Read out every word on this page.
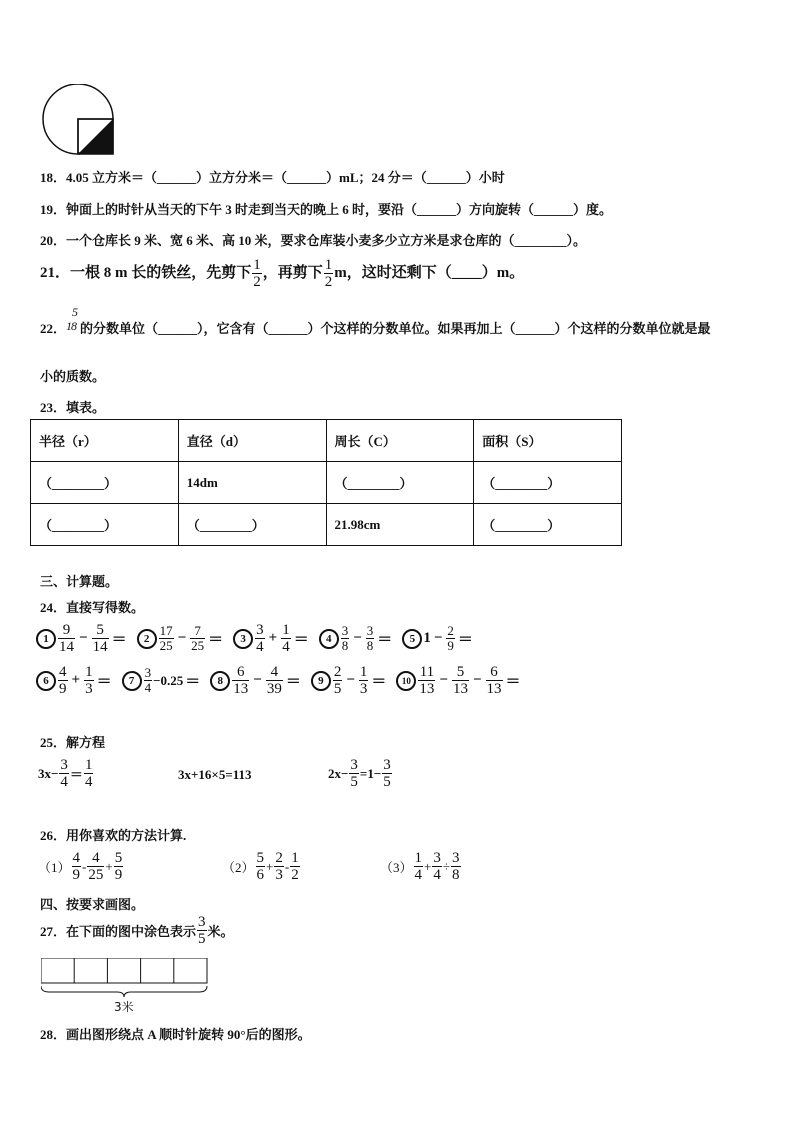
18．4.05 立方米＝（______）立方分米＝（______）mL；24 分＝（______）小时
19．钟面上的时针从当天的下午 3 时走到当天的晚上 6 时，要沿（______）方向旋转（______）度。
20．一个仓库长 9 米、宽 6 米、高 10 米，要求仓库装小麦多少立方米是求仓库的（________）。
21．一根 8 m 长的铁丝，先剪下 $\frac{1}{2}$ ，再剪下 $\frac{1}{2}$ m，这时还剩下（____）m。
22． 1
5
8 的分数单位（______），它含有（______）个这样的分数单位。如果再加上（______）个这样的分数单位就是最
小的质数。
23．填表。
半径（r）	直径（d）	周长（C）	面积（S）
（________）	14dm	（________）	（________）
（________）	（________）	21.98cm	（________）
三、计算题。
24．直接写得数。
$1 \frac{9}{14} - \frac{5}{14}$ ＝	$2 \frac{17}{25} - \frac{7}{25}$ ＝	$3 \frac{3}{4} + \frac{1}{4}$ ＝	$4 \frac{3}{8} - \frac{3}{8}$ ＝	5 $1 - \frac{2}{9}$ ＝
$6 \frac{4}{9} + \frac{1}{3}$ ＝	$7 \frac{3}{4} -0.25$ ＝	$8 \frac{6}{13} - \frac{4}{39}$ ＝	$9 \frac{2}{5} - \frac{1}{3}$ ＝	$10 \frac{11}{13} - \frac{5}{13} - \frac{6}{13}$ ＝
25．解方程
$3x- \frac{3}{4} = \frac{1}{4}$	3x+16×5=113	$2x- \frac{3}{5} =1- \frac{3}{5}$
26．用你喜欢的方法计算.
$(1) \frac{4}{9} - \frac{4}{25} + \frac{5}{9}$	$(2) \frac{5}{6} + \frac{2}{3} - \frac{1}{2}$	$(3) \frac{1}{4} + \frac{3}{4} \div \frac{3}{8}$
四、按要求画图。
27．在下面的图中涂色表示 $\frac{3}{5}$ 米。
3米
28．画出图形绕点 A 顺时针旋转 90°后的图形。
